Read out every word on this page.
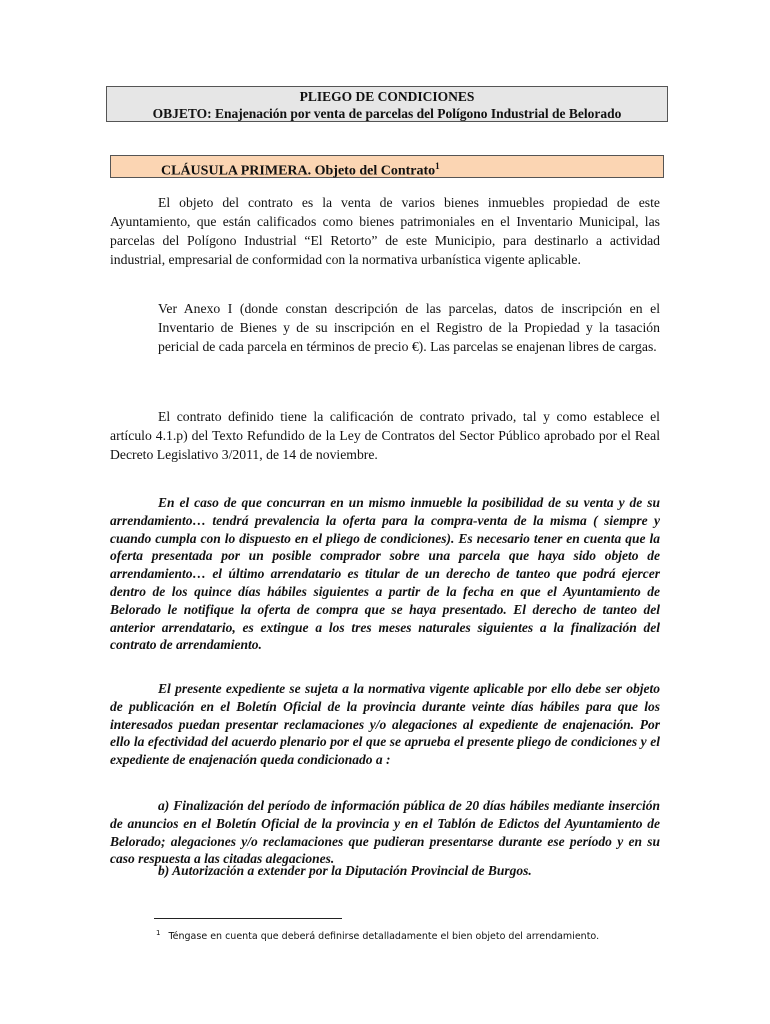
PLIEGO DE CONDICIONES
OBJETO: Enajenación por venta de parcelas del Polígono Industrial de Belorado
CLÁUSULA PRIMERA. Objeto del Contrato$^1$

El objeto del contrato es la venta de varios bienes inmuebles propiedad de este Ayuntamiento, que están calificados como bienes patrimoniales en el Inventario Municipal, las parcelas del Polígono Industrial “El Retorto” de este Municipio, para destinarlo a actividad industrial, empresarial de conformidad con la normativa urbanística vigente aplicable.

Ver Anexo I (donde constan descripción de las parcelas, datos de inscripción en el Inventario de Bienes y de su inscripción en el Registro de la Propiedad y la tasación pericial de cada parcela en términos de precio €). Las parcelas se enajenan libres de cargas.

El contrato definido tiene la calificación de contrato privado, tal y como establece el artículo 4.1.p) del Texto Refundido de la Ley de Contratos del Sector Público aprobado por el Real Decreto Legislativo 3/2011, de 14 de noviembre.

En el caso de que concurran en un mismo inmueble la posibilidad de su venta y de su arrendamiento… tendrá prevalencia la oferta para la compra-venta de la misma ( siempre y cuando cumpla con lo dispuesto en el pliego de condiciones). Es necesario tener en cuenta que la oferta presentada por un posible comprador sobre una parcela que haya sido objeto de arrendamiento… el último arrendatario es titular de un derecho de tanteo que podrá ejercer dentro de los quince días hábiles siguientes a partir de la fecha en que el Ayuntamiento de Belorado le notifique la oferta de compra que se haya presentado. El derecho de tanteo del anterior arrendatario, es extingue a los tres meses naturales siguientes a la finalización del contrato de arrendamiento.

El presente expediente se sujeta a la normativa vigente aplicable por ello debe ser objeto de publicación en el Boletín Oficial de la provincia durante veinte días hábiles para que los interesados puedan presentar reclamaciones y/o alegaciones al expediente de enajenación. Por ello la efectividad del acuerdo plenario por el que se aprueba el presente pliego de condiciones y el expediente de enajenación queda condicionado a :

a) Finalización del período de información pública de 20 días hábiles mediante inserción de anuncios en el Boletín Oficial de la provincia y en el Tablón de Edictos del Ayuntamiento de Belorado; alegaciones y/o reclamaciones que pudieran presentarse durante ese período y en su caso respuesta a las citadas alegaciones.

b) Autorización a extender por la Diputación Provincial de Burgos.

$^1$ Téngase en cuenta que deberá definirse detalladamente el bien objeto del arrendamiento.
